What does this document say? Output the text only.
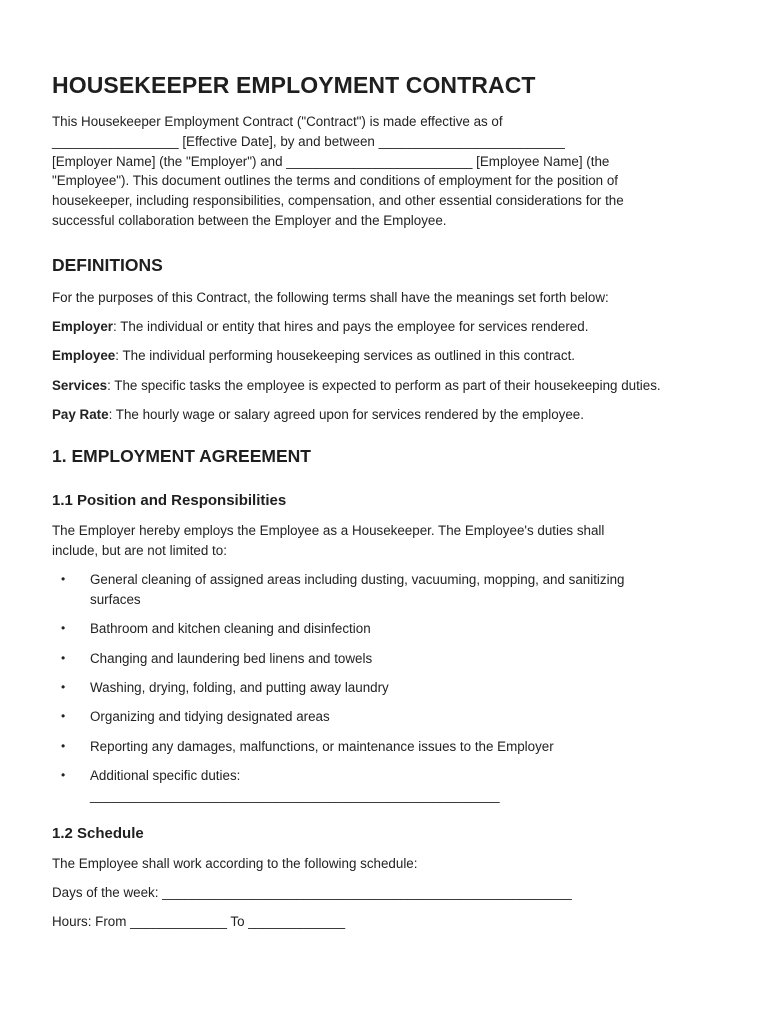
HOUSEKEEPER EMPLOYMENT CONTRACT
This Housekeeper Employment Contract ("Contract") is made effective as of
_________________ [Effective Date], by and between _________________________
[Employer Name] (the "Employer") and _________________________ [Employee Name] (the
"Employee"). This document outlines the terms and conditions of employment for the position of
housekeeper, including responsibilities, compensation, and other essential considerations for the
successful collaboration between the Employer and the Employee.
DEFINITIONS

For the purposes of this Contract, the following terms shall have the meanings set forth below:

Employer: The individual or entity that hires and pays the employee for services rendered.

Employee: The individual performing housekeeping services as outlined in this contract.

Services: The specific tasks the employee is expected to perform as part of their housekeeping duties.

Pay Rate: The hourly wage or salary agreed upon for services rendered by the employee.

1. EMPLOYMENT AGREEMENT
1.1 Position and Responsibilities

The Employer hereby employs the Employee as a Housekeeper. The Employee's duties shall
include, but are not limited to:

• General cleaning of assigned areas including dusting, vacuuming, mopping, and sanitizing
surfaces
• Bathroom and kitchen cleaning and disinfection
• Changing and laundering bed linens and towels
• Washing, drying, folding, and putting away laundry
• Organizing and tidying designated areas
• Reporting any damages, malfunctions, or maintenance issues to the Employer
• Additional specific duties:
_______________________________________________________
1.2 Schedule

The Employee shall work according to the following schedule:

Days of the week: _______________________________________________________

Hours: From _____________ To _____________
